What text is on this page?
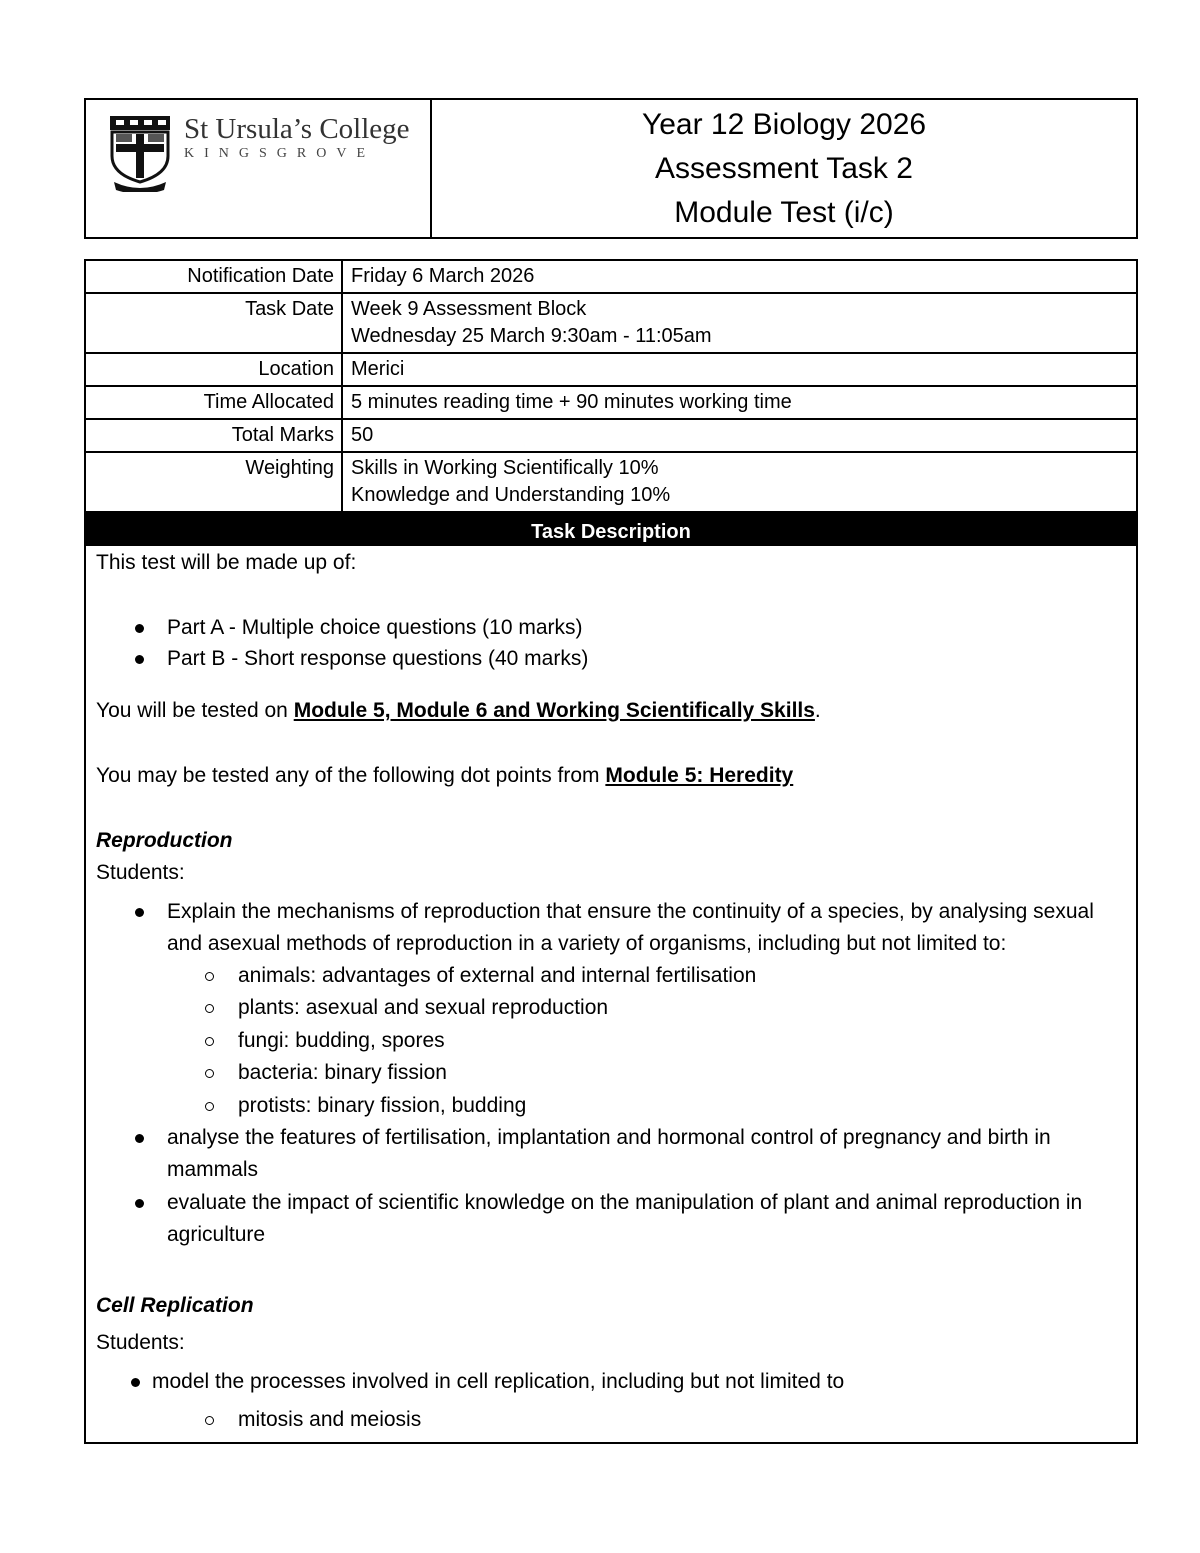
St Ursula’s College
KINGSGROVE
Year 12 Biology 2026
Assessment Task 2
Module Test (i/c)
Notification Date	Friday 6 March 2026

Task Date	Week 9 Assessment Block
Wednesday 25 March 9:30am - 11:05am

Location	Merici

Time Allocated	5 minutes reading time + 90 minutes working time

Total Marks	50

Weighting	Skills in Working Scientifically 10%
Knowledge and Understanding 10%
Task Description
This test will be made up of:
Part A - Multiple choice questions (10 marks)
Part B - Short response questions (40 marks)
You will be tested on Module 5, Module 6 and Working Scientifically Skills.
You may be tested any of the following dot points from Module 5: Heredity
Reproduction
Students:
Explain the mechanisms of reproduction that ensure the continuity of a species, by analysing sexual
and asexual methods of reproduction in a variety of organisms, including but not limited to:
animals: advantages of external and internal fertilisation
plants: asexual and sexual reproduction
fungi: budding, spores
bacteria: binary fission
protists: binary fission, budding
analyse the features of fertilisation, implantation and hormonal control of pregnancy and birth in
mammals
evaluate the impact of scientific knowledge on the manipulation of plant and animal reproduction in
agriculture
Cell Replication
Students:
model the processes involved in cell replication, including but not limited to
mitosis and meiosis
